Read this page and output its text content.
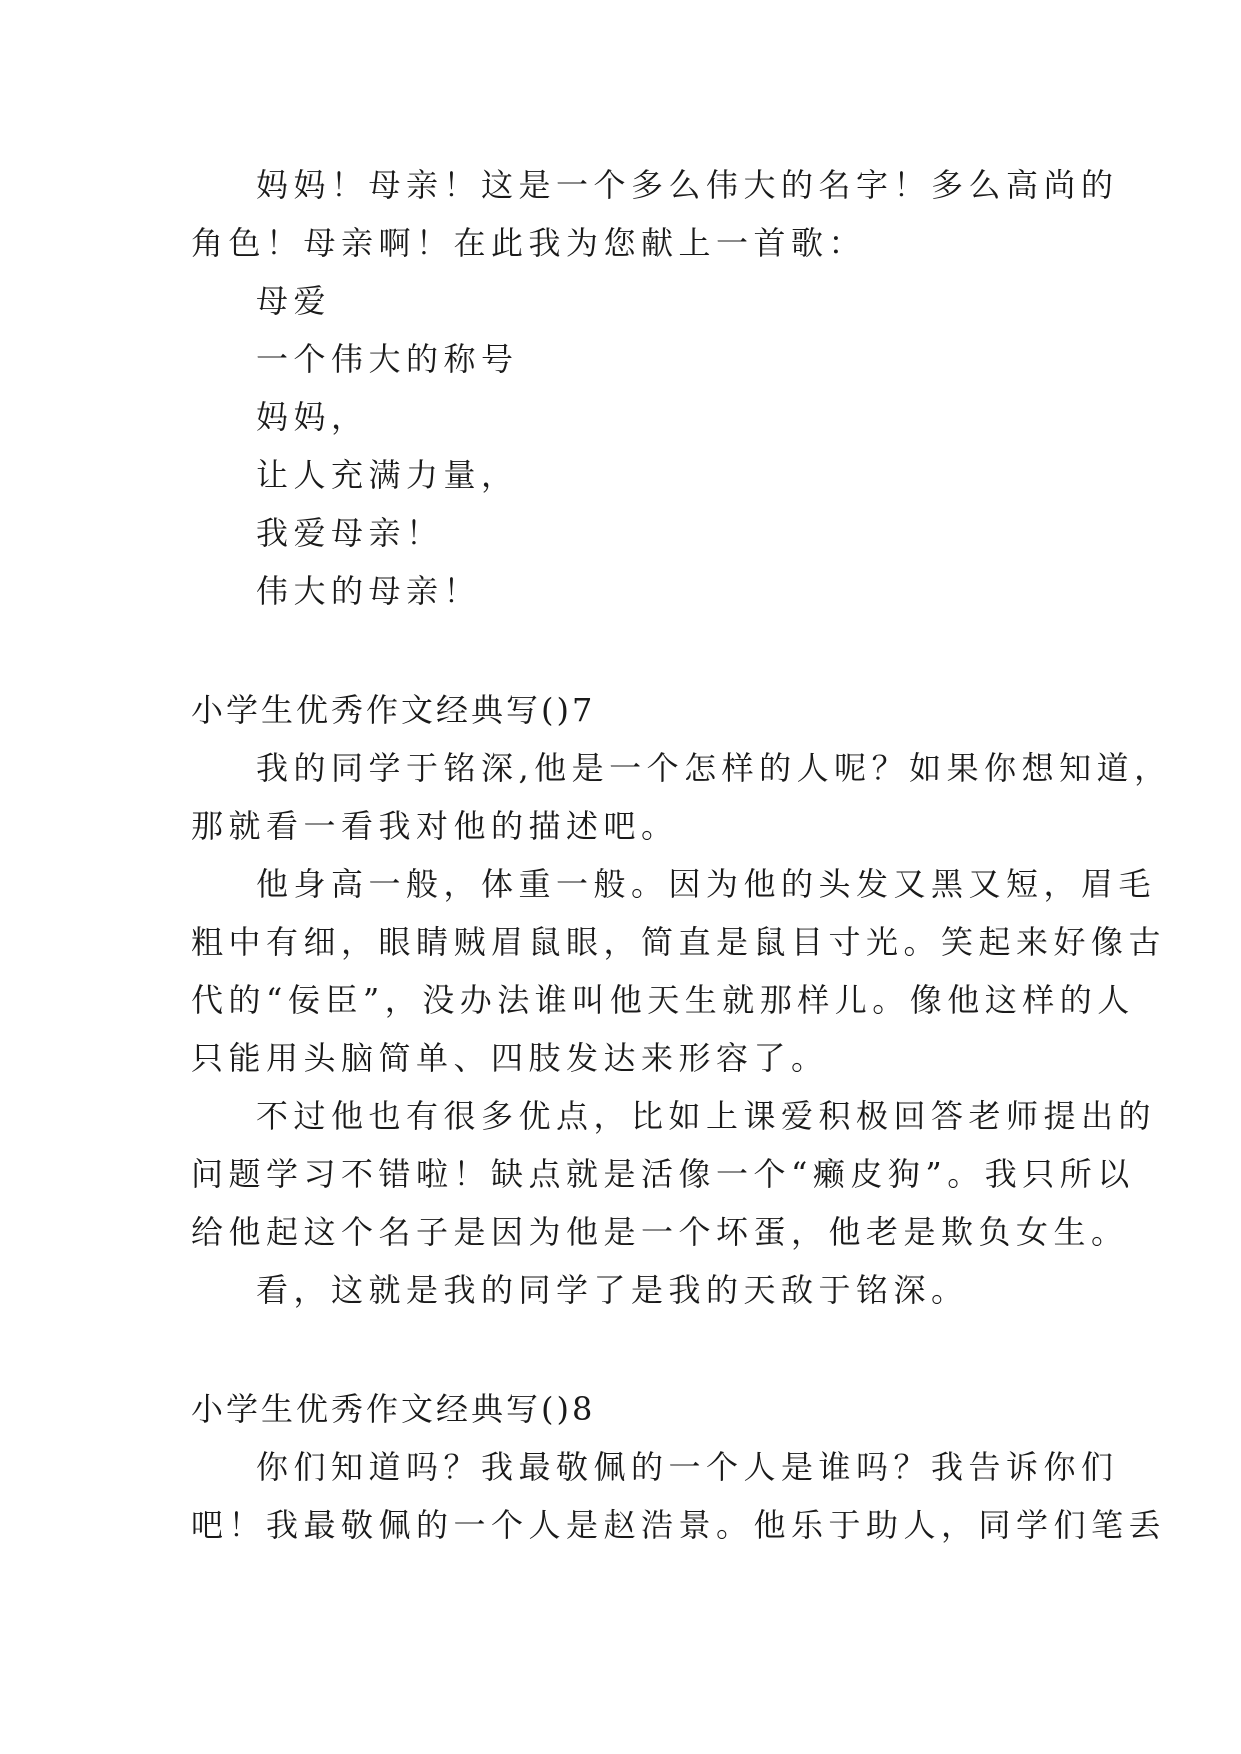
妈妈！母亲！这是一个多么伟大的名字！多么高尚的

角色！母亲啊！在此我为您献上一首歌：

母爱

一个伟大的称号

妈妈，

让人充满力量，

我爱母亲！

伟大的母亲！

小学生优秀作文经典写()7

我的同学于铭深,他是一个怎样的人呢？如果你想知道，

那就看一看我对他的描述吧。

他身高一般，体重一般。因为他的头发又黑又短，眉毛

粗中有细，眼睛贼眉鼠眼，简直是鼠目寸光。笑起来好像古

代的“佞臣”，没办法谁叫他天生就那样儿。像他这样的人

只能用头脑简单、四肢发达来形容了。

不过他也有很多优点，比如上课爱积极回答老师提出的

问题学习不错啦！缺点就是活像一个“癞皮狗”。我只所以

给他起这个名子是因为他是一个坏蛋，他老是欺负女生。

看，这就是我的同学了是我的天敌于铭深。

小学生优秀作文经典写()8

你们知道吗？我最敬佩的一个人是谁吗？我告诉你们

吧！我最敬佩的一个人是赵浩景。他乐于助人，同学们笔丢
